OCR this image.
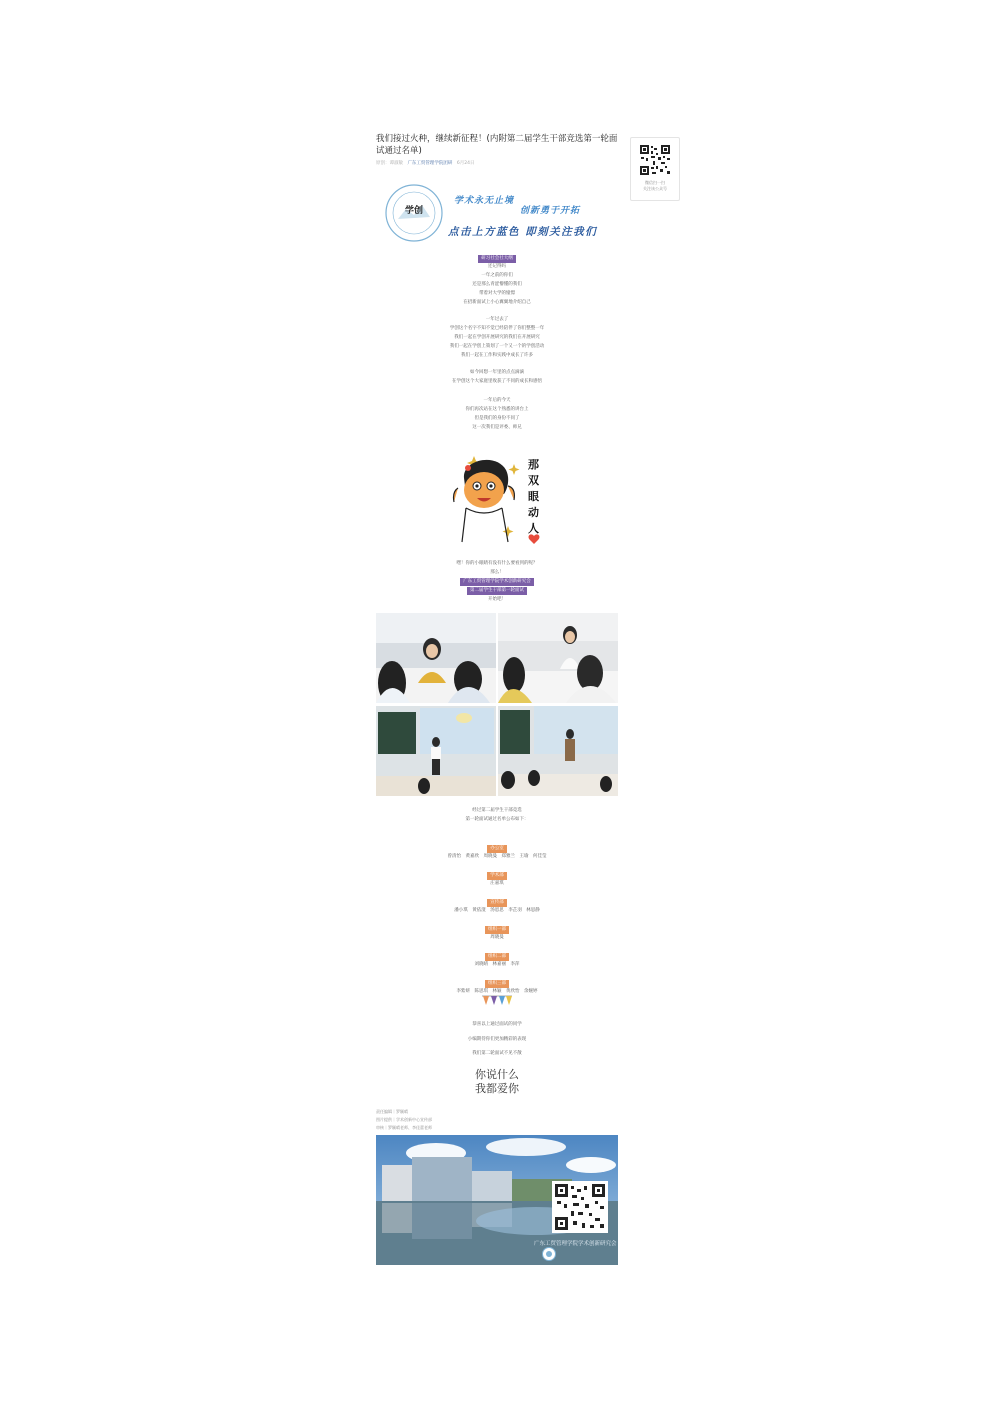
我们接过火种，继续新征程！(内附第二届学生干部竞选第一轮面试通过名单)

原创：谭淑敏 广东工贸管理学院团研 6月24日
微信扫一扫
关注该公众号
学创
学术永无止境
创新勇于开拓
点击上方蓝色 即刻关注我们
研习社会社大纲
还记得吗
一年之前的你们
还是那么青涩懵懂的我们
带着对大学的憧憬
在招新面试上小心翼翼地介绍自己
一年过去了
学创这个名字不知不觉已经陪伴了你们整整一年
我们一起在学创开展研究的我们在开展研究
我们一起在学创上策划了一个又一个的学创活动
我们一起在工作和实践中成长了许多
如今回想一年里的点点滴滴
在学创这个大家庭里收获了不同的成长和感悟
一年后的今天
你们再次站在这个熟悉的讲台上
但是我们的身份不同了
这一次我们是评委、师兄
那
双
眼
动
人
嘿！你的小眼睛有没有什么要看到的呢？
那么！
广东工贸管理学院学术创新研究会
第二届学生干部第一轮面试
开始吧！
经过第二届学生干部竞选
第一轮面试通过名单公布如下：
办公室
曾清怡　黄嘉欣　周晓曼　郑雅兰　王瑜　何佳莹
学术部
庄嘉琪
宣传部
潘小琪　黄依澄　汤恩思　李芷羽　林思静
组织一部
周晓曼
组织二部
刘晓晴　林嘉丽　李萍
组织三部
李紫妍　陈思琪　林颖　黄欣怡　余婉婷
恭喜以上通过面试的同学
小编期待你们更加精彩的表现
我们第二轮面试不见不散
你说什么
我都爱你
责任编辑｜罗颖晴
图片提供｜学术创新中心宣传部
审核｜罗颖晴老师、李佳蕾老师
广东工贸管理学院学术创新研究会
